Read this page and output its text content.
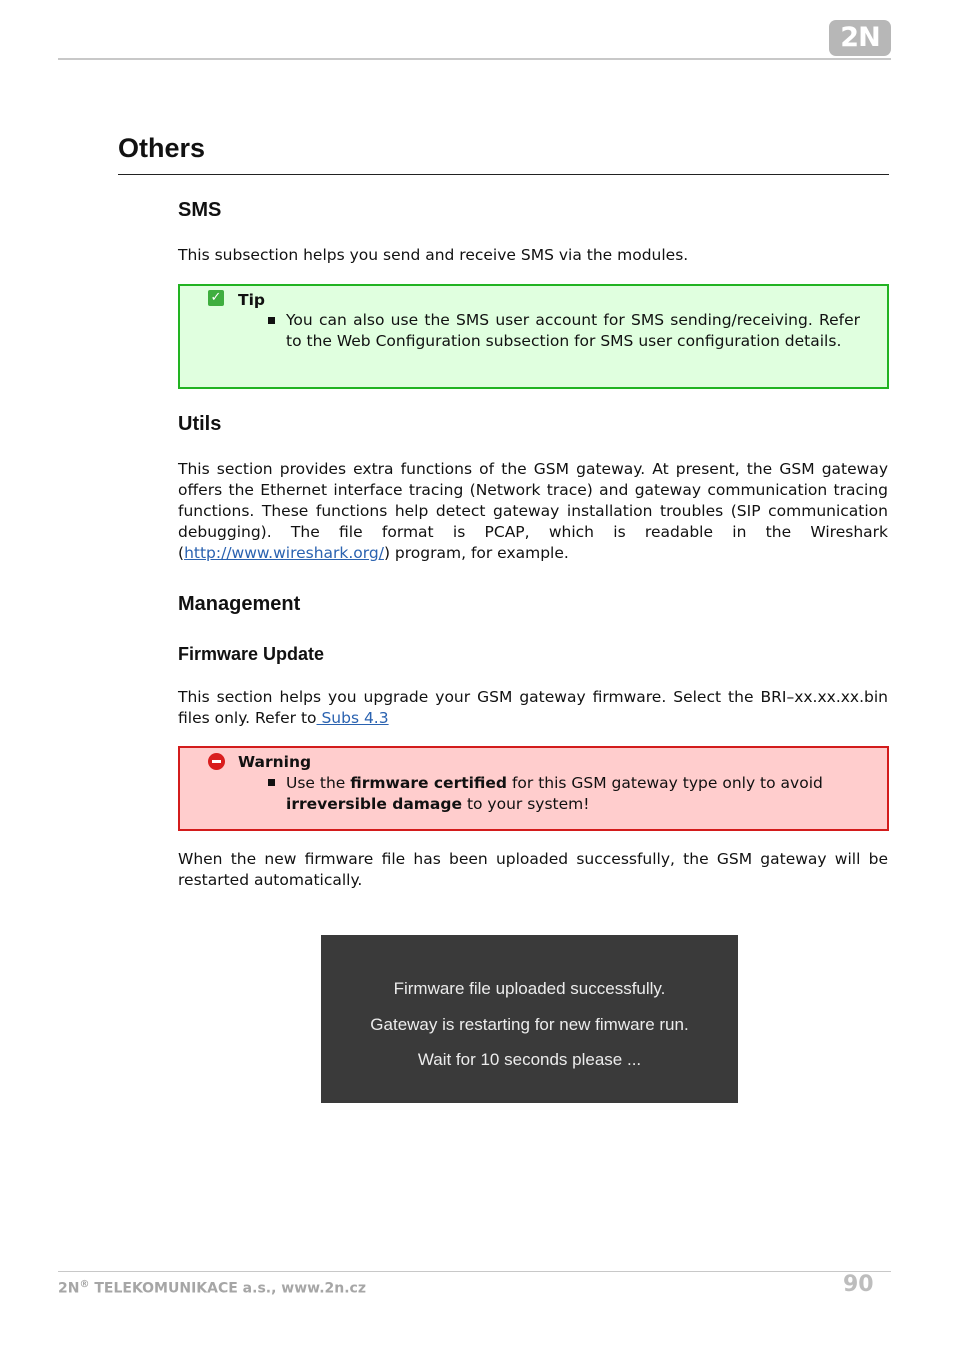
2N
Others
SMS

This subsection helps you send and receive SMS via the modules.

✓ Tip

You can also use the SMS user account for SMS sending/receiving. Refer to the Web Configuration subsection for SMS user configuration details.

Utils

This section provides extra functions of the GSM gateway. At present, the GSM gateway offers the Ethernet interface tracing (Network trace) and gateway communication tracing functions. These functions help detect gateway installation troubles (SIP communication debugging). The file format is PCAP, which is readable in the Wireshark (http://www.wireshark.org/) program, for example.

Management
Firmware Update

This section helps you upgrade your GSM gateway firmware. Select the BRI–xx.xx.xx.bin files only. Refer to Subs 4.3

Warning

Use the firmware certified for this GSM gateway type only to avoid irreversible damage to your system!

When the new firmware file has been uploaded successfully, the GSM gateway will be restarted automatically.

Firmware file uploaded successfully.
Gateway is restarting for new fimware run.
Wait for 10 seconds please ...
2N® TELEKOMUNIKACE a.s., www.2n.cz	90
